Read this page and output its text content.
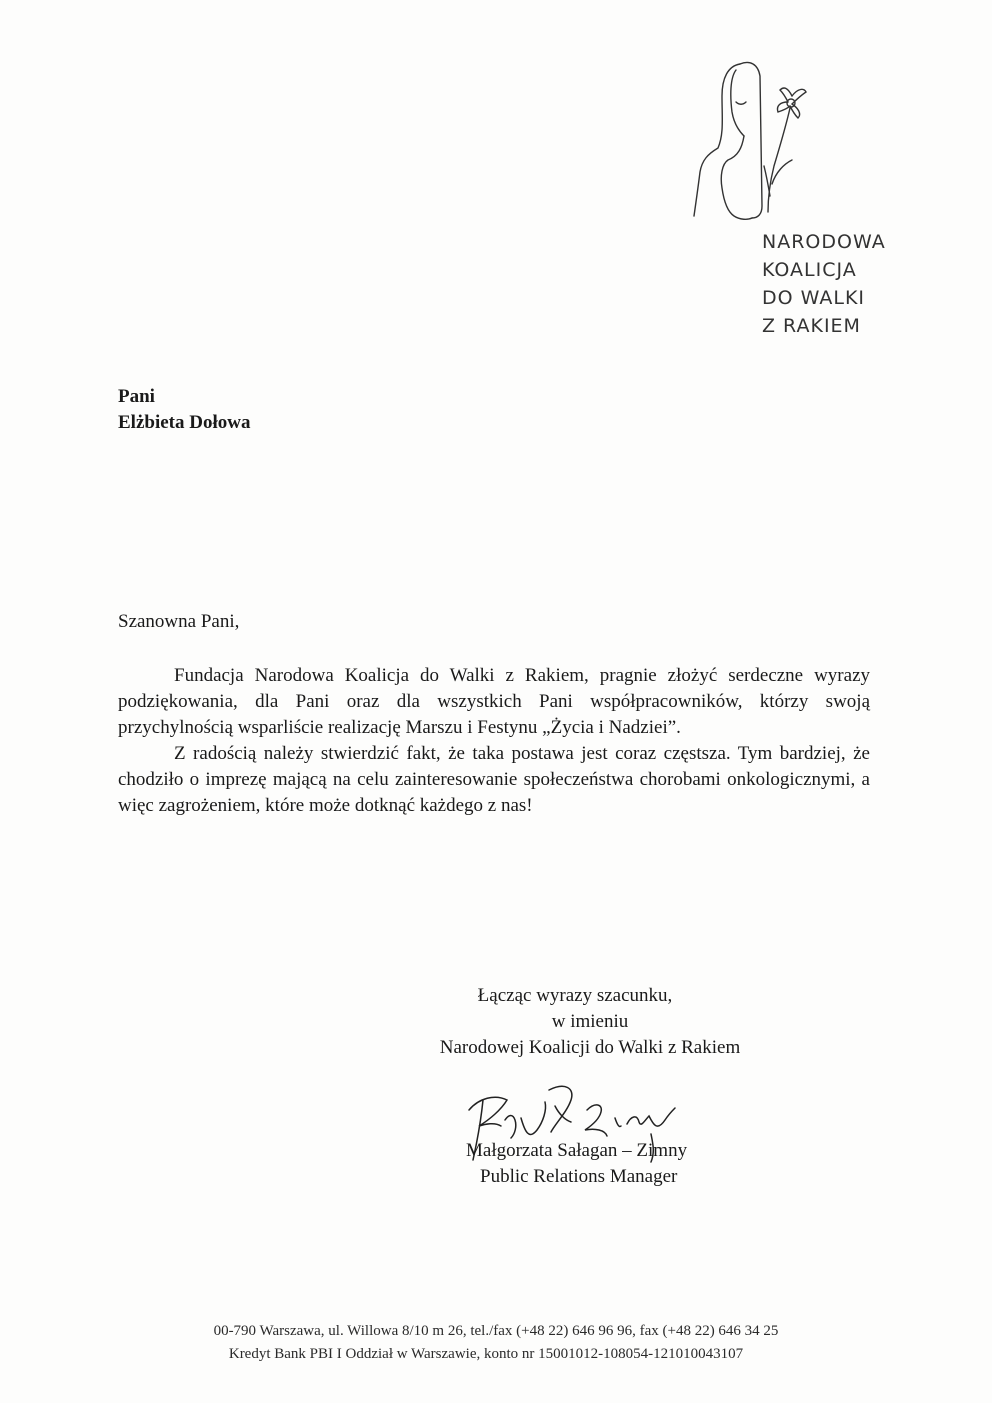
NARODOWA
KOALICJA
DO WALKI
Z RAKIEM
Pani
Elżbieta Dołowa
Szanowna Pani,

Fundacja Narodowa Koalicja do Walki z Rakiem, pragnie złożyć serdeczne wyrazy podziękowania, dla Pani oraz dla wszystkich Pani współpracowników, którzy swoją przychylnością wsparliście realizację Marszu i Festynu „Życia i Nadziei”.

Z radością należy stwierdzić fakt, że taka postawa jest coraz częstsza. Tym bardziej, że chodziło o imprezę mającą na celu zainteresowanie społeczeństwa chorobami onkologicznymi, a więc zagrożeniem, które może dotknąć każdego z nas!

Łącząc wyrazy szacunku,
w imieniu
Narodowej Koalicji do Walki z Rakiem
Małgorzata Sałagan – Zimny
Public Relations Manager
00-790 Warszawa, ul. Willowa 8/10 m 26, tel./fax (+48 22) 646 96 96, fax (+48 22) 646 34 25
Kredyt Bank PBI I Oddział w Warszawie, konto nr 15001012-108054-121010043107
